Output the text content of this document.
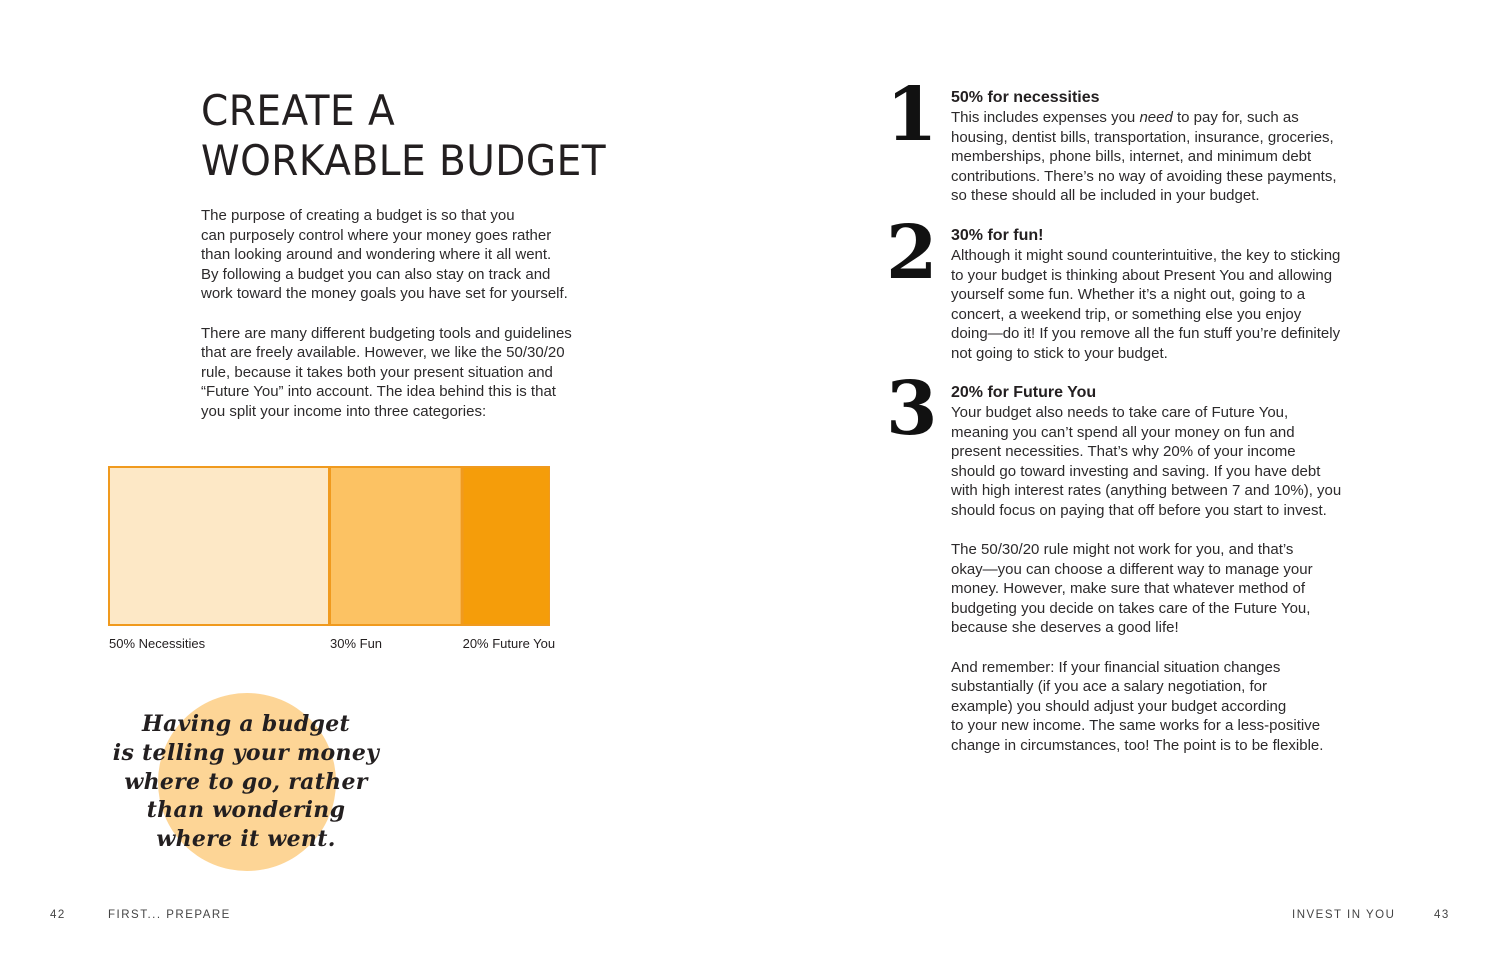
CREATE A
WORKABLE BUDGET

The purpose of creating a budget is so that you
can purposely control where your money goes rather
than looking around and wondering where it all went.
By following a budget you can also stay on track and
work toward the money goals you have set for yourself.

There are many different budgeting tools and guidelines
that are freely available. However, we like the 50/30/20
rule, because it takes both your present situation and
“Future You” into account. The idea behind this is that
you split your income into three categories:

50% Necessities	30% Fun	20% Future You

Having a budget
is telling your money
where to go, rather
than wondering
where it went.

42	FIRST... PREPARE
1 50% for necessities

This includes expenses you need to pay for, such as
housing, dentist bills, transportation, insurance, groceries,
memberships, phone bills, internet, and minimum debt
contributions. There’s no way of avoiding these payments,
so these should all be included in your budget.

2 30% for fun!

Although it might sound counterintuitive, the key to sticking
to your budget is thinking about Present You and allowing
yourself some fun. Whether it’s a night out, going to a
concert, a weekend trip, or something else you enjoy
doing—do it! If you remove all the fun stuff you’re definitely
not going to stick to your budget.

3 20% for Future You

Your budget also needs to take care of Future You,
meaning you can’t spend all your money on fun and
present necessities. That’s why 20% of your income
should go toward investing and saving. If you have debt
with high interest rates (anything between 7 and 10%), you
should focus on paying that off before you start to invest.

The 50/30/20 rule might not work for you, and that’s
okay—you can choose a different way to manage your
money. However, make sure that whatever method of
budgeting you decide on takes care of the Future You,
because she deserves a good life!

And remember: If your financial situation changes
substantially (if you ace a salary negotiation, for
example) you should adjust your budget according
to your new income. The same works for a less-positive
change in circumstances, too! The point is to be flexible.

INVEST IN YOU	43
